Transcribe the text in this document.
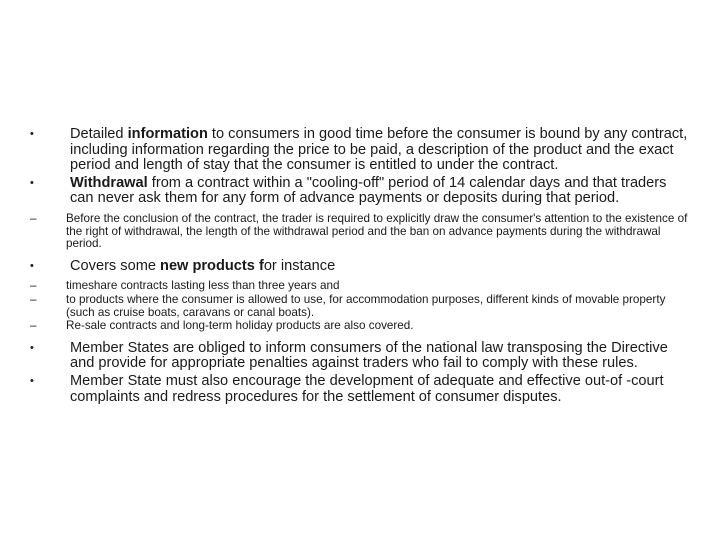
•	Detailed information to consumers in good time before the consumer is bound by any contract, including information regarding the price to be paid, a description of the product and the exact period and length of stay that the consumer is entitled to under the contract.
•	Withdrawal from a contract within a "cooling-off" period of 14 calendar days and that traders can never ask them for any form of advance payments or deposits during that period.
–	Before the conclusion of the contract, the trader is required to explicitly draw the consumer's attention to the existence of the right of withdrawal, the length of the withdrawal period and the ban on advance payments during the withdrawal period.
•	Covers some new products for instance
–	timeshare contracts lasting less than three years and
–	to products where the consumer is allowed to use, for accommodation purposes, different kinds of movable property (such as cruise boats, caravans or canal boats).
–	Re-sale contracts and long-term holiday products are also covered.
•	Member States are obliged to inform consumers of the national law transposing the Directive and provide for appropriate penalties against traders who fail to comply with these rules.
•	Member State must also encourage the development of adequate and effective out-of -court complaints and redress procedures for the settlement of consumer disputes.
